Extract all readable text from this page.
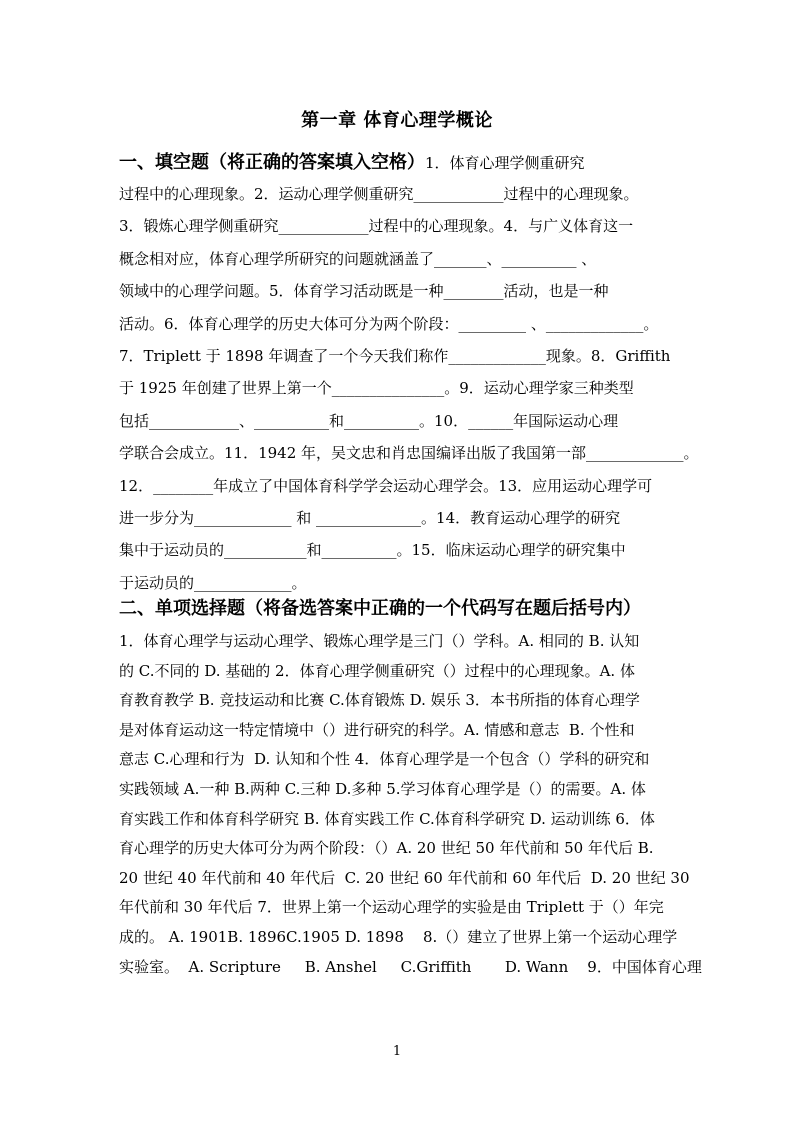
第一章 体育心理学概论
一、填空题（将正确的答案填入空格）1．体育心理学侧重研究
过程中的心理现象。2．运动心理学侧重研究____________过程中的心理现象。
3．锻炼心理学侧重研究____________过程中的心理现象。4．与广义体育这一
概念相对应，体育心理学所研究的问题就涵盖了_______、__________ 、
领域中的心理学问题。5．体育学习活动既是一种________活动，也是一种
活动。6．体育心理学的历史大体可分为两个阶段：_________ 、_____________。
7．Triplett 于 1898 年调查了一个今天我们称作_____________现象。8．Griffith
于 1925 年创建了世界上第一个_______________。9．运动心理学家三种类型
包括____________、__________和__________。10．______年国际运动心理
学联合会成立。11．1942 年，吴文忠和肖忠国编译出版了我国第一部_____________。
12．________年成立了中国体育科学学会运动心理学会。13．应用运动心理学可
进一步分为_____________ 和 ______________。14．教育运动心理学的研究
集中于运动员的___________和__________。15．临床运动心理学的研究集中
于运动员的_____________。
二、单项选择题（将备选答案中正确的一个代码写在题后括号内）
1．体育心理学与运动心理学、锻炼心理学是三门（）学科。A. 相同的 B. 认知
的 C.不同的 D. 基础的 2．体育心理学侧重研究（）过程中的心理现象。A. 体
育教育教学 B. 竞技运动和比赛 C.体育锻炼 D. 娱乐 3．本书所指的体育心理学
是对体育运动这一特定情境中（）进行研究的科学。A. 情感和意志  B. 个性和
意志 C.心理和行为  D. 认知和个性 4．体育心理学是一个包含（）学科的研究和
实践领域 A.一种 B.两种 C.三种 D.多种 5.学习体育心理学是（）的需要。A. 体
育实践工作和体育科学研究 B. 体育实践工作 C.体育科学研究 D. 运动训练 6．体
育心理学的历史大体可分为两个阶段：（）A. 20 世纪 50 年代前和 50 年代后 B.
20 世纪 40 年代前和 40 年代后  C. 20 世纪 60 年代前和 60 年代后  D. 20 世纪 30
年代前和 30 年代后 7．世界上第一个运动心理学的实验是由 Triplett 于（）年完
成的。 A. 1901B. 1896C.1905 D. 1898    8.（）建立了世界上第一个运动心理学
实验室。  A. Scripture     B. Anshel     C.Griffith       D. Wann    9．中国体育心理
1
